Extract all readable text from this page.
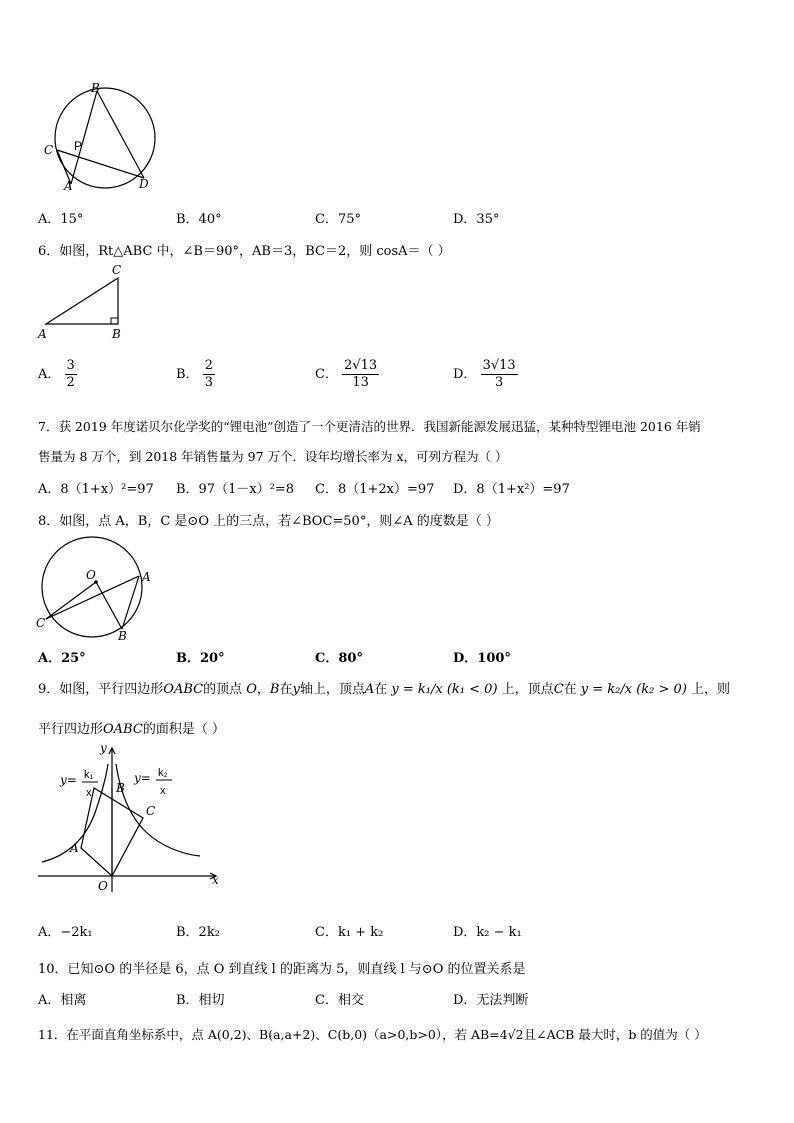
B
C P
A	D
A．15°	B．40°	C．75°	D．35°
6．如图，Rt△ABC 中，∠B＝90°，AB＝3，BC＝2，则 cosA＝（ ）
C
A	B
A． $\frac{3}{2}$	B． $\frac{2}{3}$	C． $\frac{2√13}{13}$	D． $\frac{3√13}{3}$
7．获 2019 年度诺贝尔化学奖的“锂电池”创造了一个更清洁的世界．我国新能源发展迅猛，某种特型锂电池 2016 年销
售量为 8 万个，到 2018 年销售量为 97 万个．设年均增长率为 x，可列方程为（ ）
A．8（1+x）²=97 B．97（1－x）²=8 C．8（1+2x）=97 D．8（1+x²）=97
8．如图，点 A，B，C 是⊙O 上的三点，若∠BOC=50°，则∠A 的度数是（ ）
O	A
C
B
A．25°	B．20°	C．80°	D．100°
9．如图，平行四边形OABC的顶点 O，B在y轴上，顶点A在 y = k₁/x (k₁ < 0) 上，顶点C在 y = k₂/x (k₂ > 0) 上，则
平行四边形OABC的面积是（ ）
y
x
O
A
B
C
y= k₁
x
y= k₂
x
A．−2k₁	B．2k₂	C．k₁ + k₂	D．k₂ − k₁
10．已知⊙O 的半径是 6，点 O 到直线 l 的距离为 5，则直线 l 与⊙O 的位置关系是
A．相离	B．相切	C．相交	D．无法判断
11．在平面直角坐标系中，点 A(0,2)、B(a,a+2)、C(b,0)（a>0,b>0），若 AB=4√2且∠ACB 最大时，b 的值为（ ）
